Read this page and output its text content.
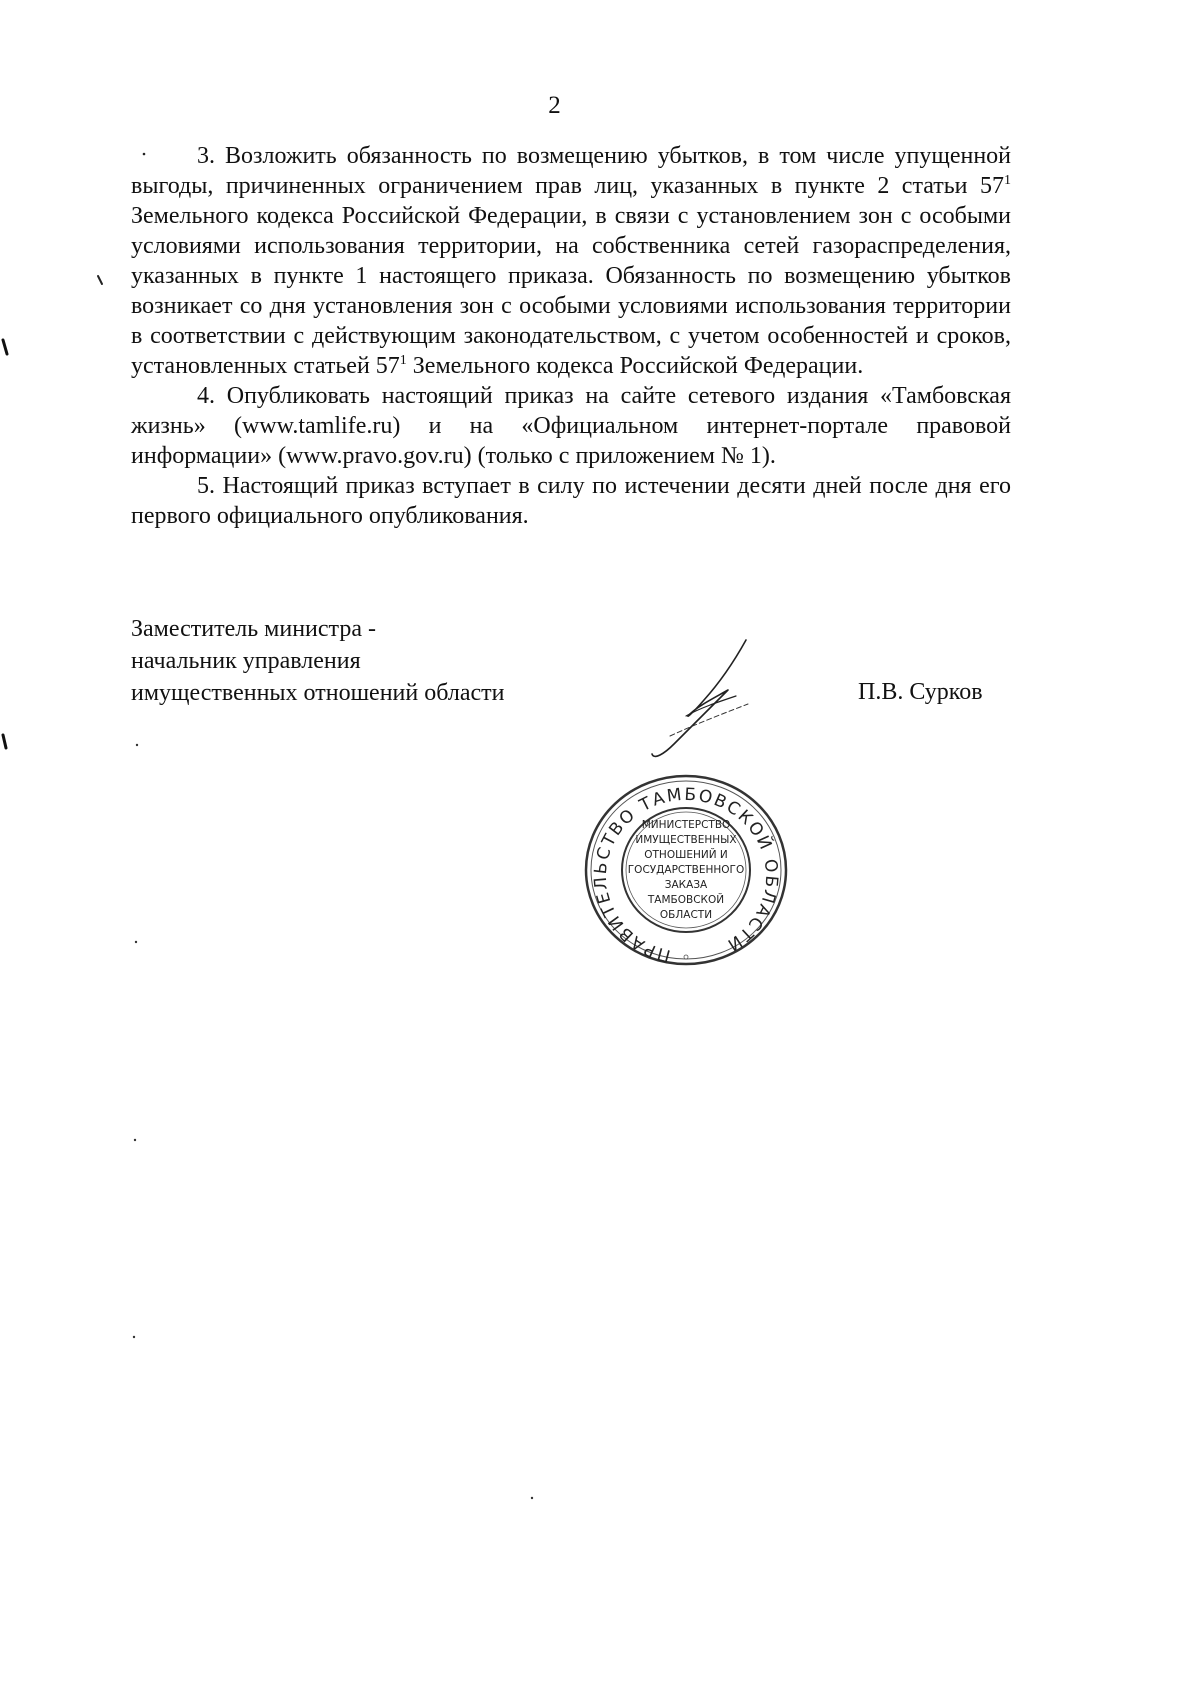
2

3. Возложить обязанность по возмещению убытков, в том числе упущенной выгоды, причиненных ограничением прав лиц, указанных в пункте 2 статьи $57^1$ Земельного кодекса Российской Федерации, в связи с установлением зон с особыми условиями использования территории, на собственника сетей газораспределения, указанных в пункте 1 настоящего приказа. Обязанность по возмещению убытков возникает со дня установления зон с особыми условиями использования территории в соответствии с действующим законодательством, с учетом особенностей и сроков, установленных статьей $57^1$ Земельного кодекса Российской Федерации.

4. Опубликовать настоящий приказ на сайте сетевого издания «Тамбовская жизнь» (www.tamlife.ru) и на «Официальном интернет-портале правовой информации» (www.pravo.gov.ru) (только с приложением № 1).

5. Настоящий приказ вступает в силу по истечении десяти дней после дня его первого официального опубликования.

Заместитель министра -
начальник управления
имущественных отношений области	П.В. Сурков
ПРАВИТЕЛЬСТВО ТАМБОВСКОЙ ОБЛАСТИ
МИНИСТЕРСТВО
ИМУЩЕСТВЕННЫХ
ОТНОШЕНИЙ И
ГОСУДАРСТВЕННОГО
ЗАКАЗА
ТАМБОВСКОЙ
ОБЛАСТИ
